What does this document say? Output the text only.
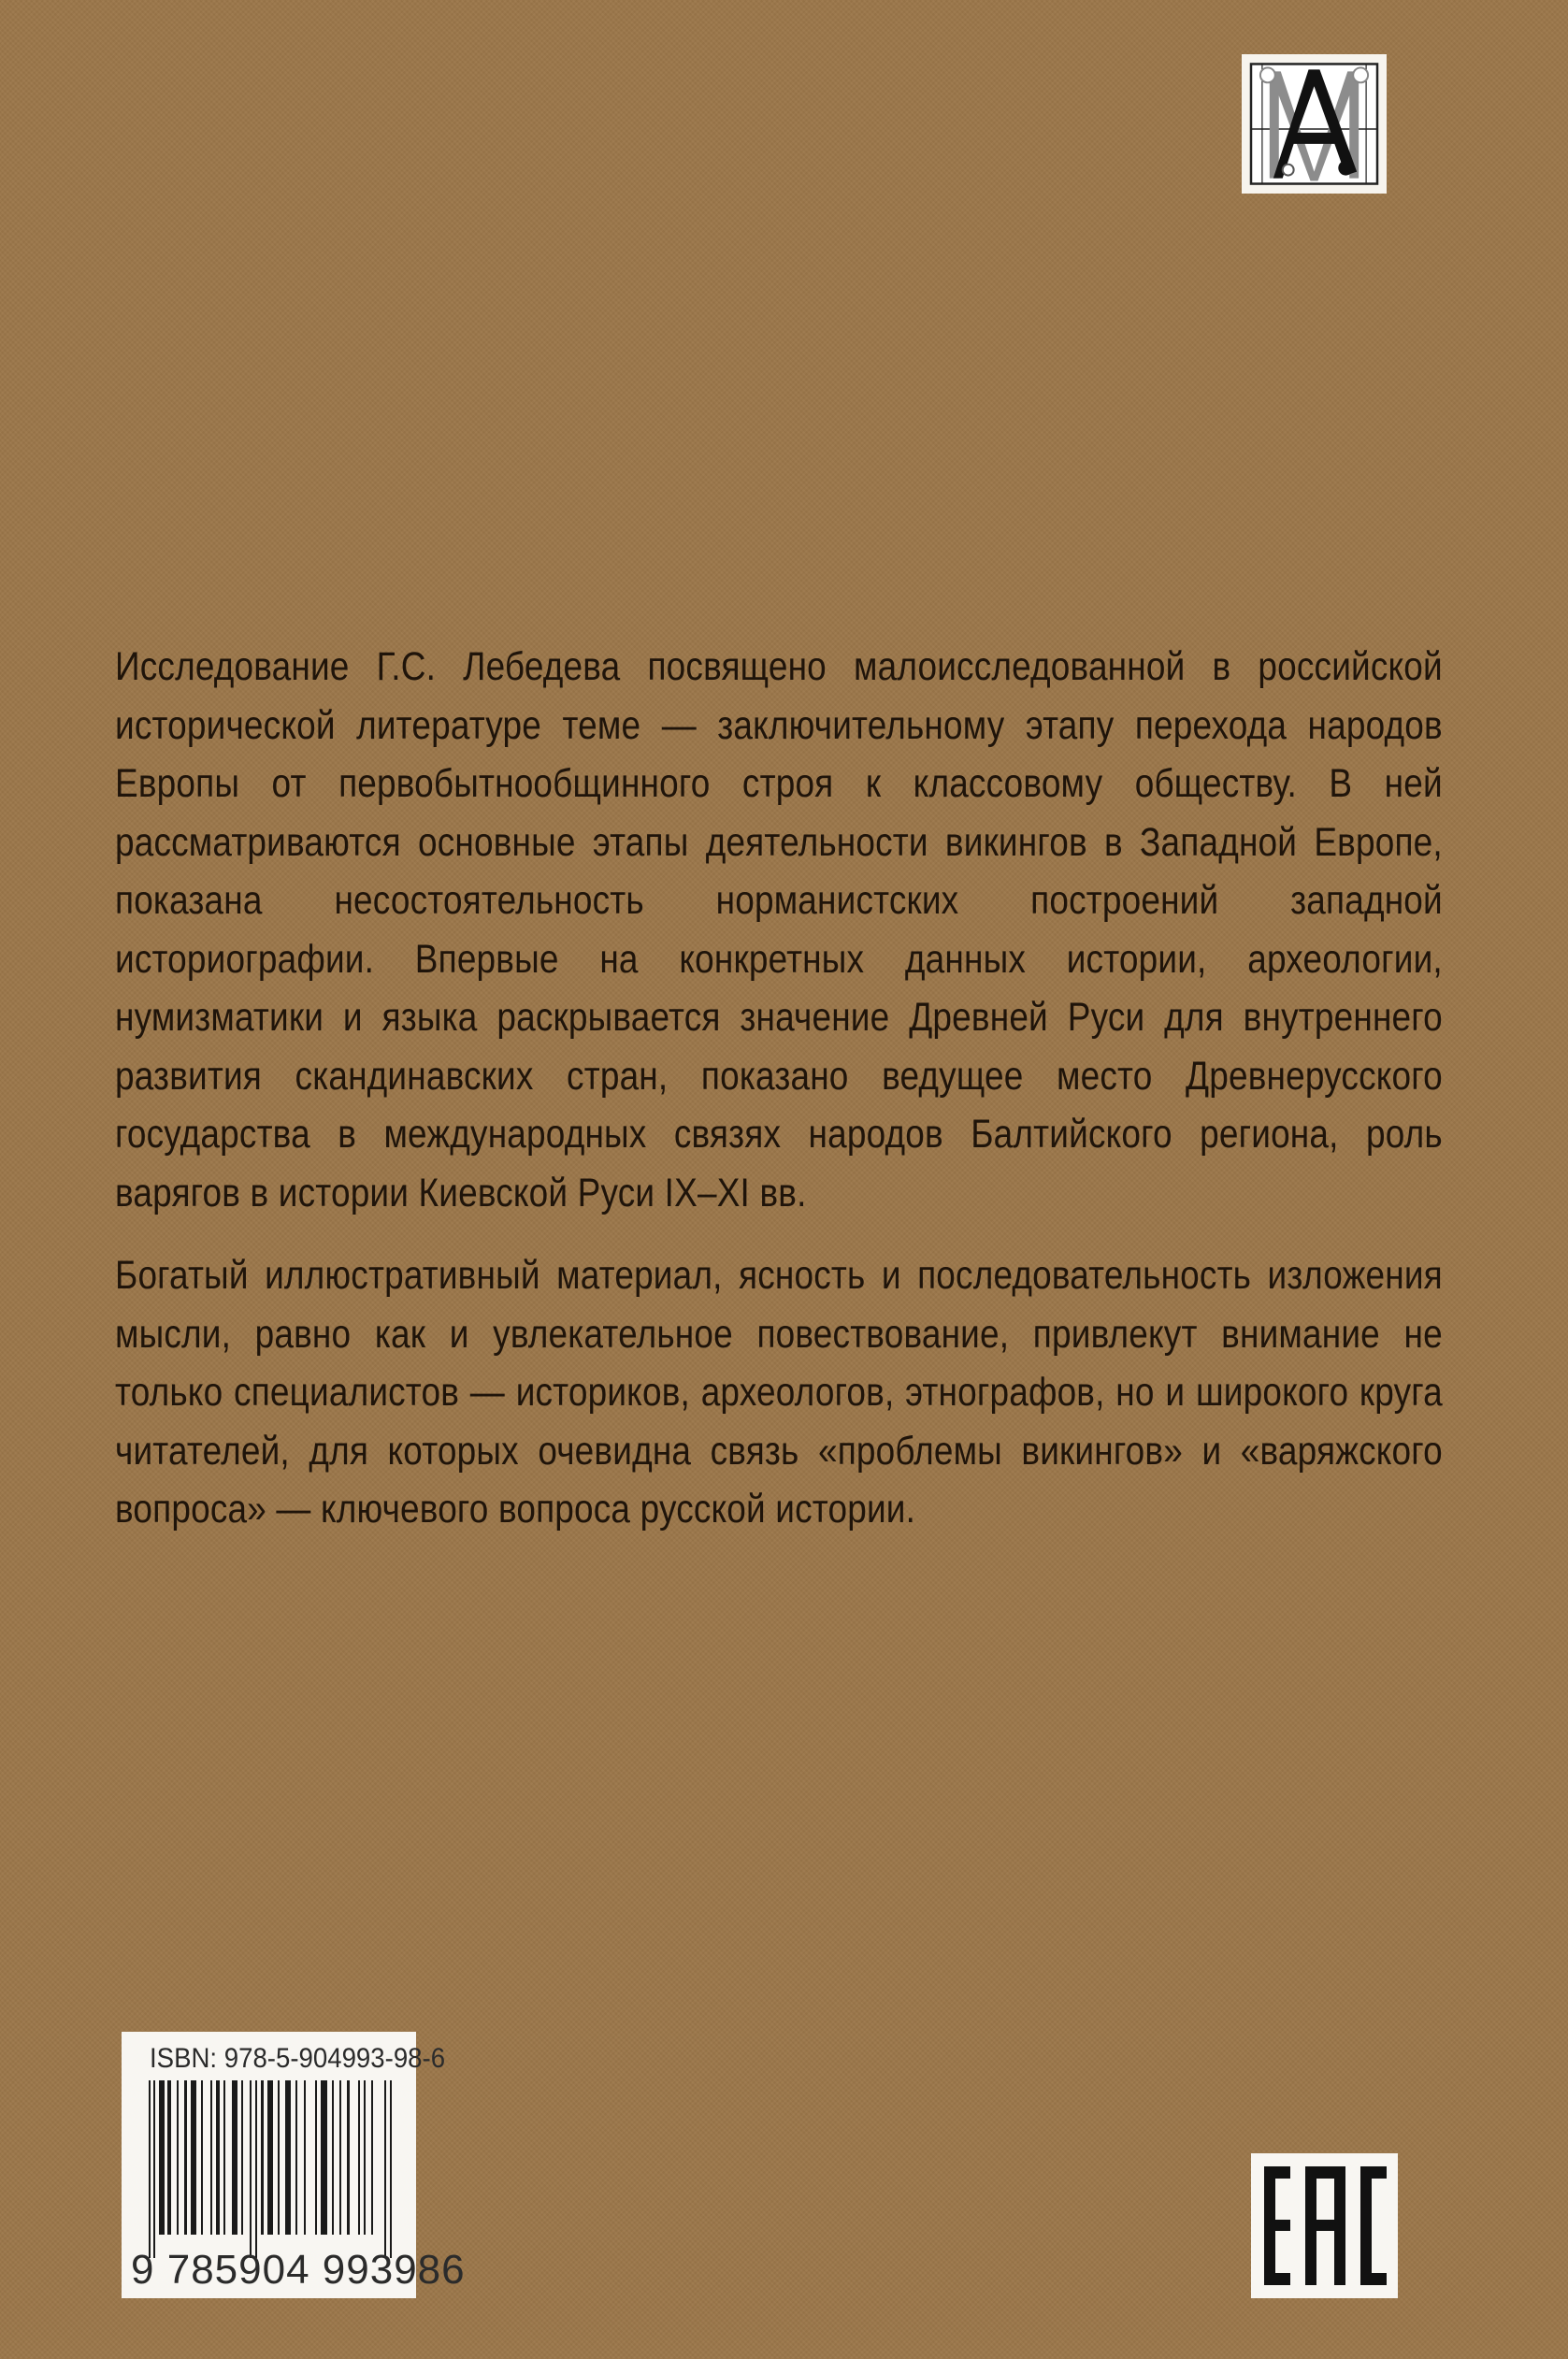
Исследование Г.С. Лебедева посвящено малоисследованной в российской исторической литературе теме — заключительному этапу перехода народов Европы от первобытнообщинного строя к классовому обществу. В ней рассматриваются основные этапы деятельности викингов в Западной Европе, показана несостоятельность норманистских построений западной историографии. Впервые на конкретных данных истории, археологии, нумизматики и языка раскрывается значение Древней Руси для внутреннего развития скандинавских стран, показано ведущее место Древнерусского государства в международных связях народов Балтийского региона, роль варягов в истории Киевской Руси IX–XI вв.

Богатый иллюстративный материал, ясность и последовательность изложения мысли, равно как и увлекательное повествование, привлекут внимание не только специалистов — историков, археологов, этнографов, но и широкого круга читателей, для которых очевидна связь «проблемы викингов» и «варяжского вопроса» — ключевого вопроса русской истории.

ISBN: 978-5-904993-98-6
9 785904 993986
